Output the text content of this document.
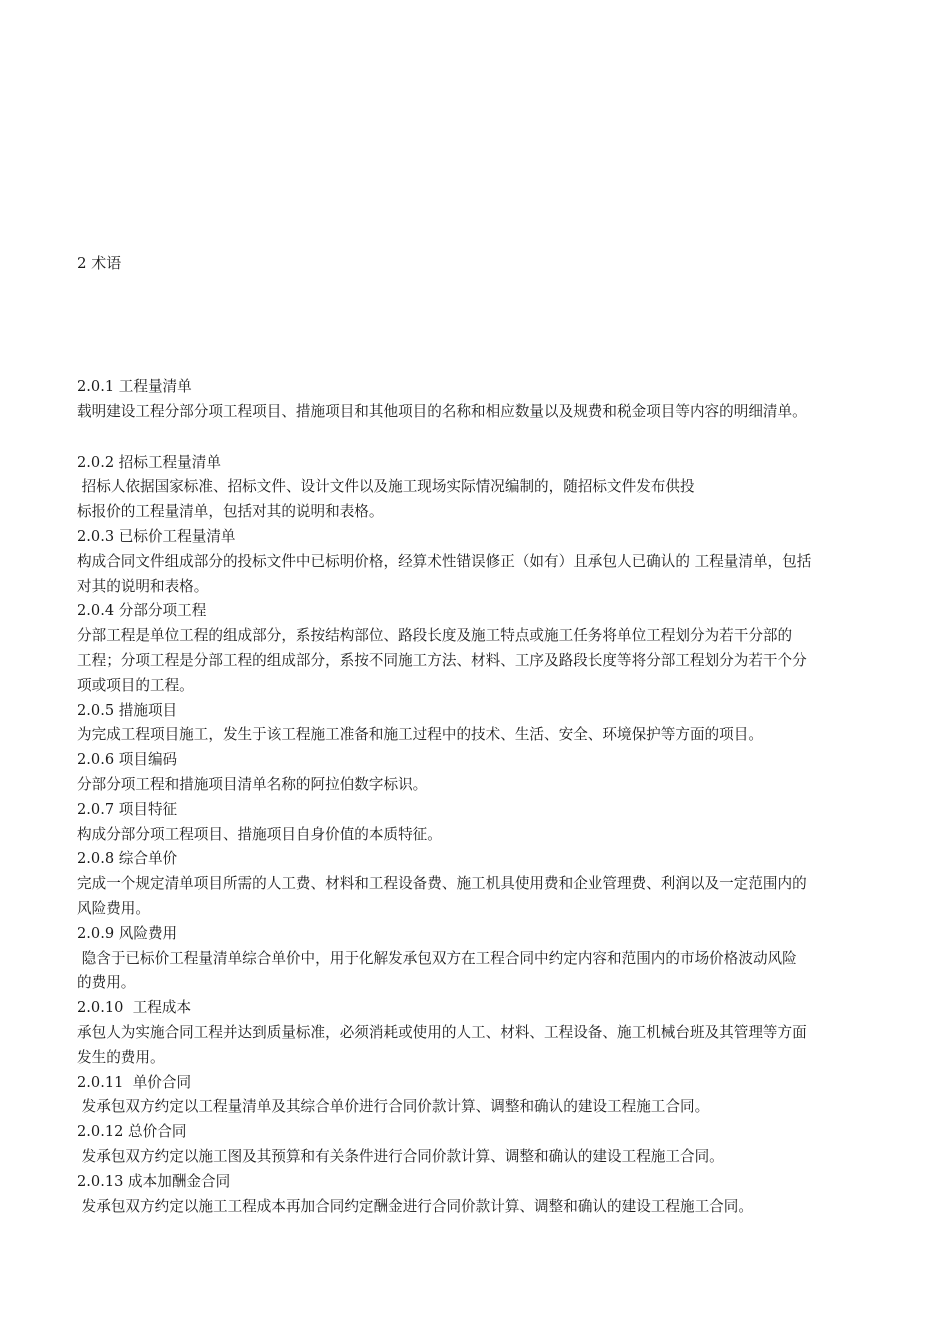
2 术语
2.0.1 工程量清单
载明建设工程分部分项工程项目、措施项目和其他项目的名称和相应数量以及规费和税金项目等内容的明细清单。
2.0.2 招标工程量清单
招标人依据国家标准、招标文件、设计文件以及施工现场实际情况编制的，随招标文件发布供投
标报价的工程量清单，包括对其的说明和表格。
2.0.3 已标价工程量清单
构成合同文件组成部分的投标文件中已标明价格，经算术性错误修正（如有）且承包人已确认的 工程量清单，包括
对其的说明和表格。
2.0.4 分部分项工程
分部工程是单位工程的组成部分，系按结构部位、路段长度及施工特点或施工任务将单位工程划分为若干分部的
工程；分项工程是分部工程的组成部分，系按不同施工方法、材料、工序及路段长度等将分部工程划分为若干个分
项或项目的工程。
2.0.5 措施项目
为完成工程项目施工，发生于该工程施工准备和施工过程中的技术、生活、安全、环境保护等方面的项目。
2.0.6 项目编码
分部分项工程和措施项目清单名称的阿拉伯数字标识。
2.0.7 项目特征
构成分部分项工程项目、措施项目自身价值的本质特征。
2.0.8 综合单价
完成一个规定清单项目所需的人工费、材料和工程设备费、施工机具使用费和企业管理费、利润以及一定范围内的
风险费用。
2.0.9 风险费用
隐含于已标价工程量清单综合单价中，用于化解发承包双方在工程合同中约定内容和范围内的市场价格波动风险
的费用。
2.0.10  工程成本
承包人为实施合同工程并达到质量标准，必须消耗或使用的人工、材料、工程设备、施工机械台班及其管理等方面
发生的费用。
2.0.11  单价合同
发承包双方约定以工程量清单及其综合单价进行合同价款计算、调整和确认的建设工程施工合同。
2.0.12 总价合同
发承包双方约定以施工图及其预算和有关条件进行合同价款计算、调整和确认的建设工程施工合同。
2.0.13 成本加酬金合同
发承包双方约定以施工工程成本再加合同约定酬金进行合同价款计算、调整和确认的建设工程施工合同。
